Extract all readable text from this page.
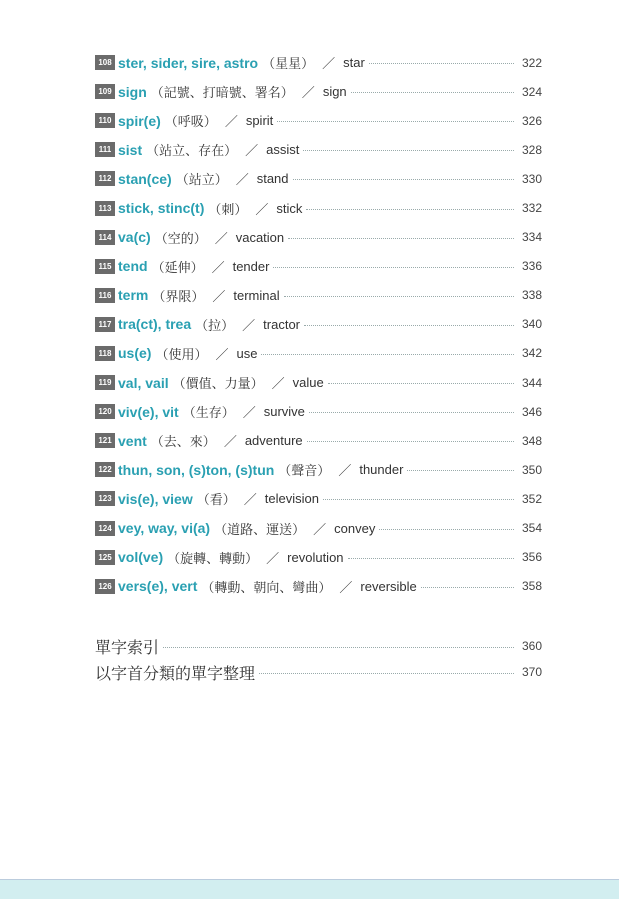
108 ster, sider, sire, astro （星星） ／ star	322
109 sign （記號、打暗號、署名） ／ sign	324
110 spir(e) （呼吸） ／ spirit	326
111 sist （站立、存在） ／ assist	328
112 stan(ce) （站立） ／ stand	330
113 stick, stinc(t) （刺） ／ stick	332
114 va(c) （空的） ／ vacation	334
115 tend （延伸） ／ tender	336
116 term （界限） ／ terminal	338
117 tra(ct), trea （拉） ／ tractor	340
118 us(e) （使用） ／ use	342
119 val, vail （價值、力量） ／ value	344
120 viv(e), vit （生存） ／ survive	346
121 vent （去、來） ／ adventure	348
122 thun, son, (s)ton, (s)tun （聲音） ／ thunder	350
123 vis(e), view （看） ／ television	352
124 vey, way, vi(a) （道路、運送） ／ convey	354
125 vol(ve) （旋轉、轉動） ／ revolution	356
126 vers(e), vert （轉動、朝向、彎曲） ／ reversible	358
單字索引	360
以字首分類的單字整理	370
